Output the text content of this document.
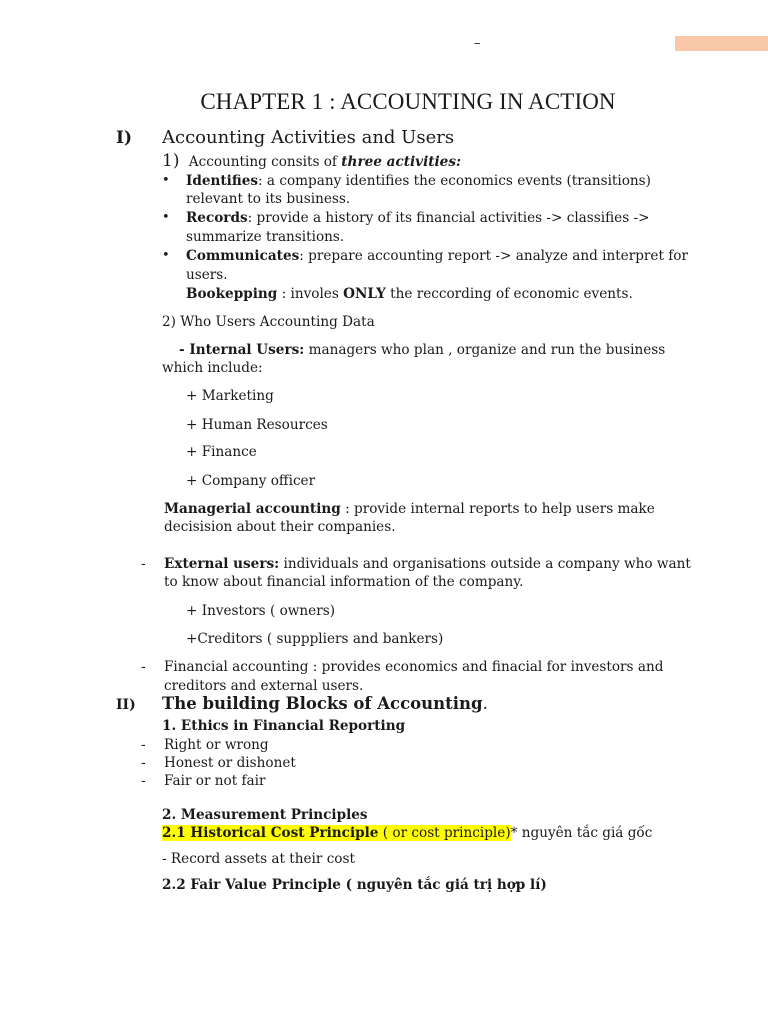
–
CHAPTER 1 : ACCOUNTING IN ACTION
I) Accounting Activities and Users
1) Accounting consits of three activities:
• Identifies: a company identifies the economics events (transitions)
relevant to its business.
• Records: provide a history of its financial activities -> classifies ->
summarize transitions.
• Communicates: prepare accounting report -> analyze and interpret for
users.
Bookepping : involes ONLY the reccording of economic events.
2) Who Users Accounting Data
- Internal Users: managers who plan , organize and run the business
which include:
+ Marketing
+ Human Resources
+ Finance
+ Company officer
Managerial accounting : provide internal reports to help users make
decisision about their companies.
- External users: individuals and organisations outside a company who want
to know about financial information of the company.
+ Investors ( owners)
+Creditors ( supppliers and bankers)
- Financial accounting : provides economics and finacial for investors and
creditors and external users.
II) The building Blocks of Accounting.
1. Ethics in Financial Reporting
- Right or wrong
- Honest or dishonet
- Fair or not fair
2. Measurement Principles
2.1 Historical Cost Principle ( or cost principle)* nguyên tắc giá gốc
- Record assets at their cost
2.2 Fair Value Principle ( nguyên tắc giá trị hợp lí)
